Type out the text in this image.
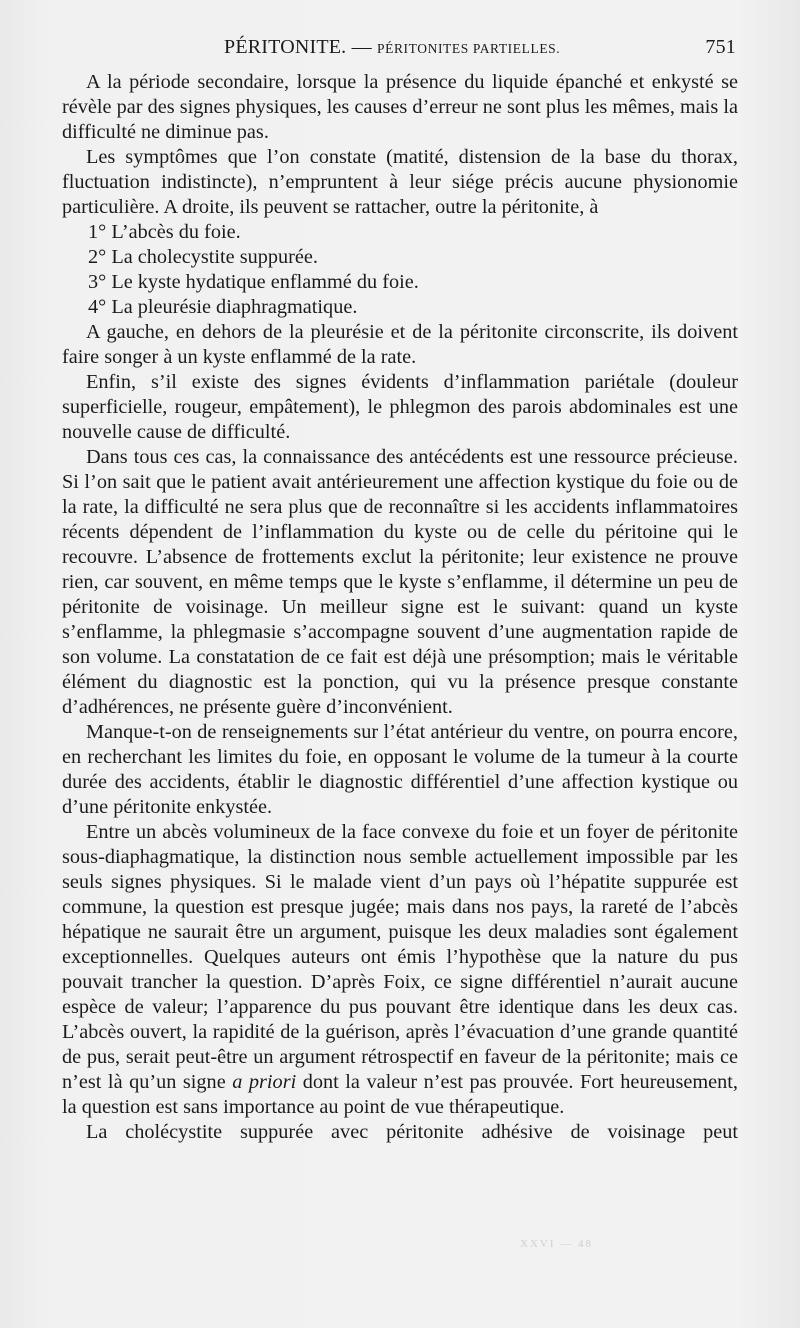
PÉRITONITE. — PÉRITONITES PARTIELLES.	751

A la période secondaire, lorsque la présence du liquide épanché et enkysté se révèle par des signes physiques, les causes d’erreur ne sont plus les mêmes, mais la difficulté ne diminue pas.

Les symptômes que l’on constate (matité, distension de la base du thorax, fluctuation indistincte), n’empruntent à leur siége précis aucune physionomie particulière. A droite, ils peuvent se rattacher, outre la péritonite, à

1° L’abcès du foie.

2° La cholecystite suppurée.

3° Le kyste hydatique enflammé du foie.

4° La pleurésie diaphragmatique.

A gauche, en dehors de la pleurésie et de la péritonite circonscrite, ils doivent faire songer à un kyste enflammé de la rate.

Enfin, s’il existe des signes évidents d’inflammation pariétale (douleur superficielle, rougeur, empâtement), le phlegmon des parois abdominales est une nouvelle cause de difficulté.

Dans tous ces cas, la connaissance des antécédents est une ressource précieuse. Si l’on sait que le patient avait antérieurement une affection kystique du foie ou de la rate, la difficulté ne sera plus que de reconnaître si les accidents inflammatoires récents dépendent de l’inflammation du kyste ou de celle du péritoine qui le recouvre. L’absence de frottements exclut la péritonite; leur existence ne prouve rien, car souvent, en même temps que le kyste s’enflamme, il détermine un peu de péritonite de voisinage. Un meilleur signe est le suivant: quand un kyste s’enflamme, la phlegmasie s’accompagne souvent d’une augmentation rapide de son volume. La constatation de ce fait est déjà une présomption; mais le véritable élément du diagnostic est la ponction, qui vu la présence presque constante d’adhérences, ne présente guère d’inconvénient.

Manque-t-on de renseignements sur l’état antérieur du ventre, on pourra encore, en recherchant les limites du foie, en opposant le volume de la tumeur à la courte durée des accidents, établir le diagnostic différentiel d’une affection kystique ou d’une péritonite enkystée.

Entre un abcès volumineux de la face convexe du foie et un foyer de péritonite sous-diaphagmatique, la distinction nous semble actuellement impossible par les seuls signes physiques. Si le malade vient d’un pays où l’hépatite suppurée est commune, la question est presque jugée; mais dans nos pays, la rareté de l’abcès hépatique ne saurait être un argument, puisque les deux maladies sont également exceptionnelles. Quelques auteurs ont émis l’hypothèse que la nature du pus pouvait trancher la question. D’après Foix, ce signe différentiel n’aurait aucune espèce de valeur; l’apparence du pus pouvant être identique dans les deux cas. L’abcès ouvert, la rapidité de la guérison, après l’évacuation d’une grande quantité de pus, serait peut-être un argument rétrospectif en faveur de la péritonite; mais ce n’est là qu’un signe a priori dont la valeur n’est pas prouvée. Fort heureusement, la question est sans importance au point de vue thérapeutique.

La cholécystite suppurée avec péritonite adhésive de voisinage peut

XXVI — 48
